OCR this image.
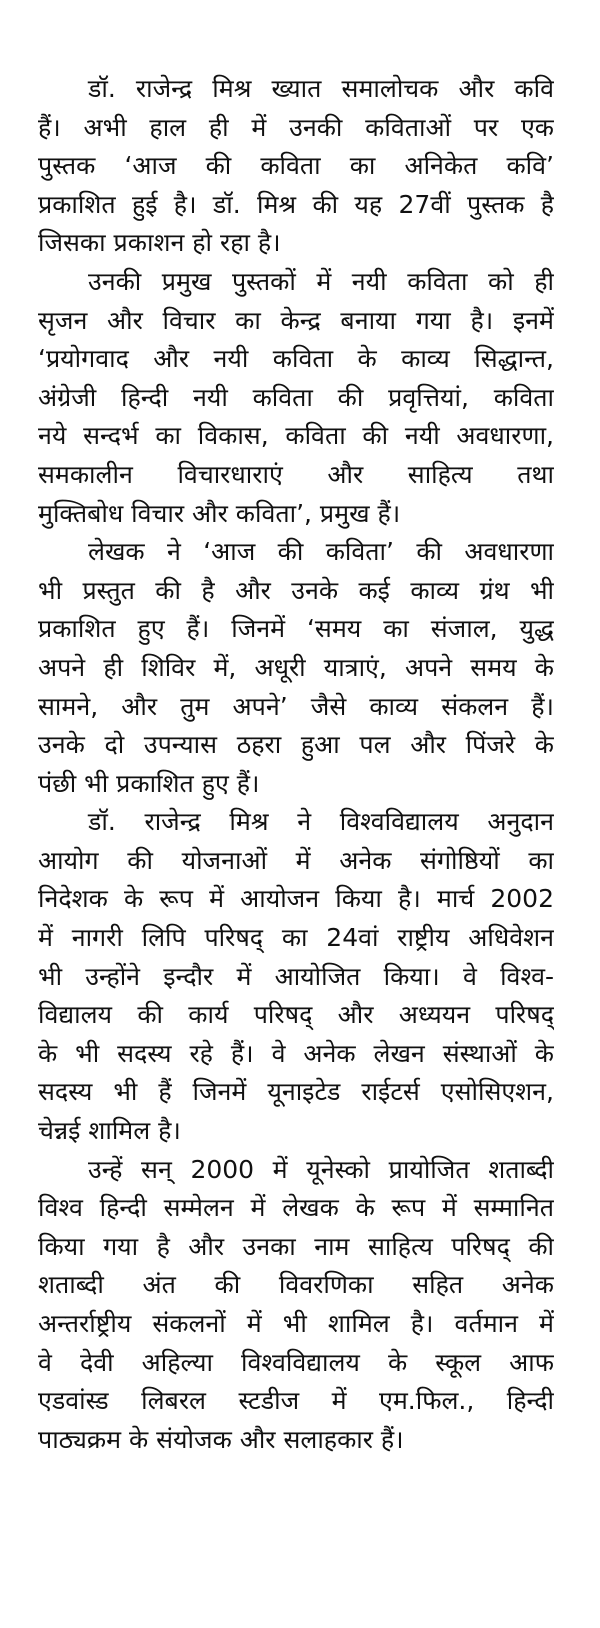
डॉ. राजेन्द्र मिश्र ख्यात समालोचक और कवि
हैं। अभी हाल ही में उनकी कविताओं पर एक
पुस्तक ‘आज की कविता का अनिकेत कवि’
प्रकाशित हुई है। डॉ. मिश्र की यह 27वीं पुस्तक है
जिसका प्रकाशन हो रहा है।

उनकी प्रमुख पुस्तकों में नयी कविता को ही
सृजन और विचार का केन्द्र बनाया गया है। इनमें
‘प्रयोगवाद और नयी कविता के काव्य सिद्धान्त,
अंग्रेजी हिन्दी नयी कविता की प्रवृत्तियां, कविता
नये सन्दर्भ का विकास, कविता की नयी अवधारणा,
समकालीन विचारधाराएं और साहित्य तथा
मुक्तिबोध विचार और कविता’, प्रमुख हैं।

लेखक ने ‘आज की कविता’ की अवधारणा
भी प्रस्तुत की है और उनके कई काव्य ग्रंथ भी
प्रकाशित हुए हैं। जिनमें ‘समय का संजाल, युद्ध
अपने ही शिविर में, अधूरी यात्राएं, अपने समय के
सामने, और तुम अपने’ जैसे काव्य संकलन हैं।
उनके दो उपन्यास ठहरा हुआ पल और पिंजरे के
पंछी भी प्रकाशित हुए हैं।

डॉ. राजेन्द्र मिश्र ने विश्वविद्यालय अनुदान
आयोग की योजनाओं में अनेक संगोष्ठियों का
निदेशक के रूप में आयोजन किया है। मार्च 2002
में नागरी लिपि परिषद् का 24वां राष्ट्रीय अधिवेशन
भी उन्होंने इन्दौर में आयोजित किया। वे विश्व-
विद्यालय की कार्य परिषद् और अध्ययन परिषद्
के भी सदस्य रहे हैं। वे अनेक लेखन संस्थाओं के
सदस्य भी हैं जिनमें यूनाइटेड राईटर्स एसोसिएशन,
चेन्नई शामिल है।

उन्हें सन् 2000 में यूनेस्को प्रायोजित शताब्दी
विश्व हिन्दी सम्मेलन में लेखक के रूप में सम्मानित
किया गया है और उनका नाम साहित्य परिषद् की
शताब्दी अंत की विवरणिका सहित अनेक
अन्तर्राष्ट्रीय संकलनों में भी शामिल है। वर्तमान में
वे देवी अहिल्या विश्वविद्यालय के स्कूल आफ
एडवांस्ड लिबरल स्टडीज में एम.फिल., हिन्दी
पाठ्यक्रम के संयोजक और सलाहकार हैं।
